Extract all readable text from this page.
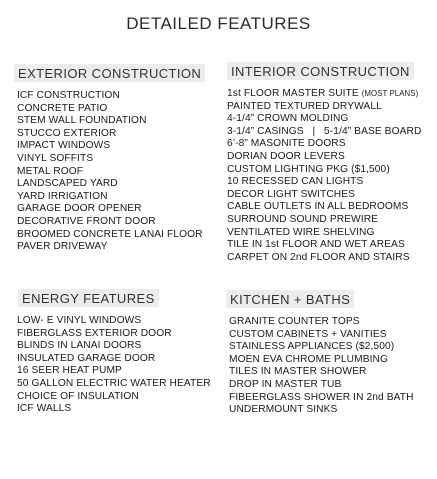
DETAILED FEATURES
EXTERIOR CONSTRUCTION
ICF CONSTRUCTION
CONCRETE PATIO
STEM WALL FOUNDATION
STUCCO EXTERIOR
IMPACT WINDOWS
VINYL SOFFITS
METAL ROOF
LANDSCAPED YARD
YARD IRRIGATION
GARAGE DOOR OPENER
DECORATIVE FRONT DOOR
BROOMED CONCRETE LANAI FLOOR
PAVER DRIVEWAY
INTERIOR CONSTRUCTION
1st FLOOR MASTER SUITE (MOST PLANS)
PAINTED TEXTURED DRYWALL
4-1/4” CROWN MOLDING
3-1/4” CASINGS   |   5-1/4” BASE BOARD
6’-8” MASONITE DOORS
DORIAN DOOR LEVERS
CUSTOM LIGHTING PKG ($1,500)
10 RECESSED CAN LIGHTS
DECOR LIGHT SWITCHES
CABLE OUTLETS IN ALL BEDROOMS
SURROUND SOUND PREWIRE
VENTILATED WIRE SHELVING
TILE IN 1st FLOOR AND WET AREAS
CARPET ON 2nd FLOOR AND STAIRS
ENERGY FEATURES
LOW- E VINYL WINDOWS
FIBERGLASS EXTERIOR DOOR
BLINDS IN LANAI DOORS
INSULATED GARAGE DOOR
16 SEER HEAT PUMP
50 GALLON ELECTRIC WATER HEATER
CHOICE OF INSULATION
ICF WALLS
KITCHEN + BATHS
GRANITE COUNTER TOPS
CUSTOM CABINETS + VANITIES
STAINLESS APPLIANCES ($2,500)
MOEN EVA CHROME PLUMBING
TILES IN MASTER SHOWER
DROP IN MASTER TUB
FIBEERGLASS SHOWER IN 2nd BATH
UNDERMOUNT SINKS
